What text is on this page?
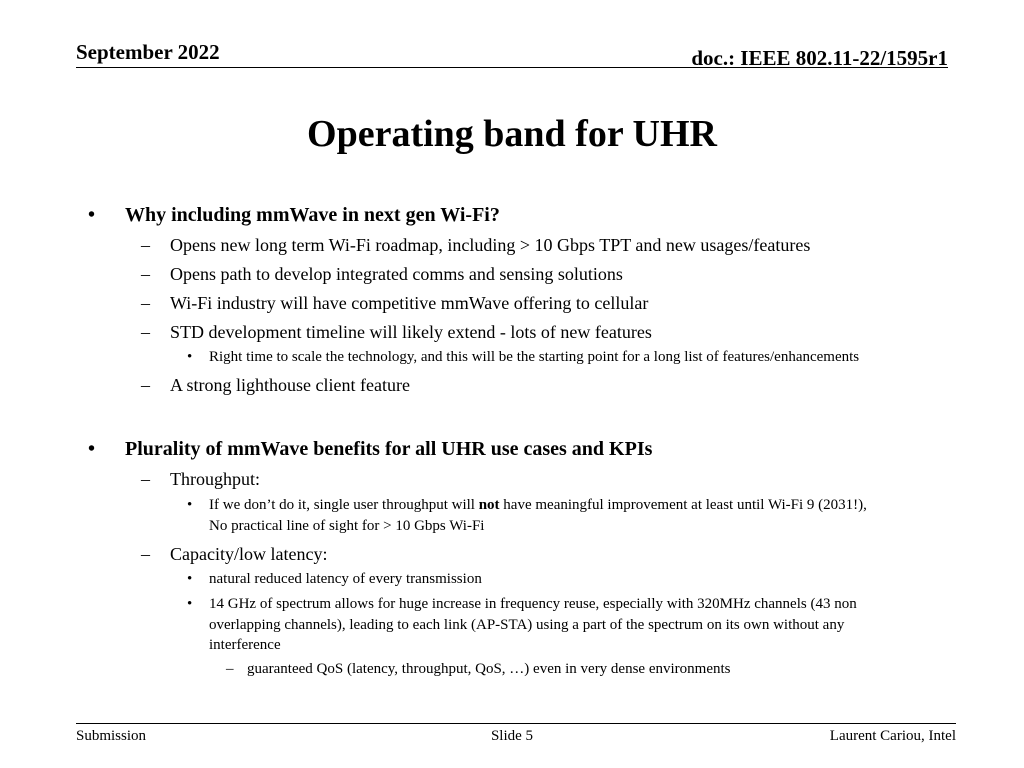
September 2022	doc.: IEEE 802.11-22/1595r1
Operating band for UHR
• Why including mmWave in next gen Wi-Fi?
– Opens new long term Wi-Fi roadmap, including > 10 Gbps TPT and new usages/features
– Opens path to develop integrated comms and sensing solutions
– Wi-Fi industry will have competitive mmWave offering to cellular
– STD development timeline will likely extend - lots of new features
• Right time to scale the technology, and this will be the starting point for a long list of features/enhancements
– A strong lighthouse client feature
• Plurality of mmWave benefits for all UHR use cases and KPIs
– Throughput:
• If we don’t do it, single user throughput will not have meaningful improvement at least until Wi-Fi 9 (2031!),
No practical line of sight for > 10 Gbps Wi-Fi
– Capacity/low latency:
• natural reduced latency of every transmission
• 14 GHz of spectrum allows for huge increase in frequency reuse, especially with 320MHz channels (43 non
overlapping channels), leading to each link (AP-STA) using a part of the spectrum on its own without any
interference
– guaranteed QoS (latency, throughput, QoS, …) even in very dense environments
Submission	Slide 5	Laurent Cariou, Intel
